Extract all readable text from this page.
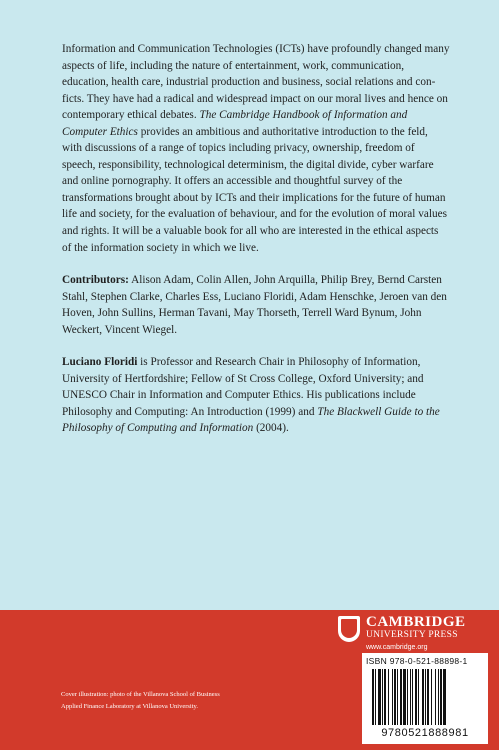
Information and Communication Technologies (ICTs) have profoundly changed many aspects of life, including the nature of entertainment, work, communication, education, health care, industrial production and business, social relations and con-ficts. They have had a radical and widespread impact on our moral lives and hence on contemporary ethical debates. The Cambridge Handbook of Information and Computer Ethics provides an ambitious and authoritative introduction to the feld, with discussions of a range of topics including privacy, ownership, freedom of speech, responsibility, technological determinism, the digital divide, cyber warfare and online pornography. It offers an accessible and thoughtful survey of the transformations brought about by ICTs and their implications for the future of human life and society, for the evaluation of behaviour, and for the evolution of moral values and rights. It will be a valuable book for all who are interested in the ethical aspects of the information society in which we live.

Contributors: Alison Adam, Colin Allen, John Arquilla, Philip Brey, Bernd Carsten Stahl, Stephen Clarke, Charles Ess, Luciano Floridi, Adam Henschke, Jeroen van den Hoven, John Sullins, Herman Tavani, May Thorseth, Terrell Ward Bynum, John Weckert, Vincent Wiegel.

Luciano Floridi is Professor and Research Chair in Philosophy of Information, University of Hertfordshire; Fellow of St Cross College, Oxford University; and UNESCO Chair in Information and Computer Ethics. His publications include Philosophy and Computing: An Introduction (1999) and The Blackwell Guide to the Philosophy of Computing and Information (2004).

Cover illustration: photo of the Villanova School of Business
Applied Finance Laboratory at Villanova University.
CAMBRIDGE
UNIVERSITY PRESS
www.cambridge.org
ISBN 978-0-521-88898-1
9780521888981
